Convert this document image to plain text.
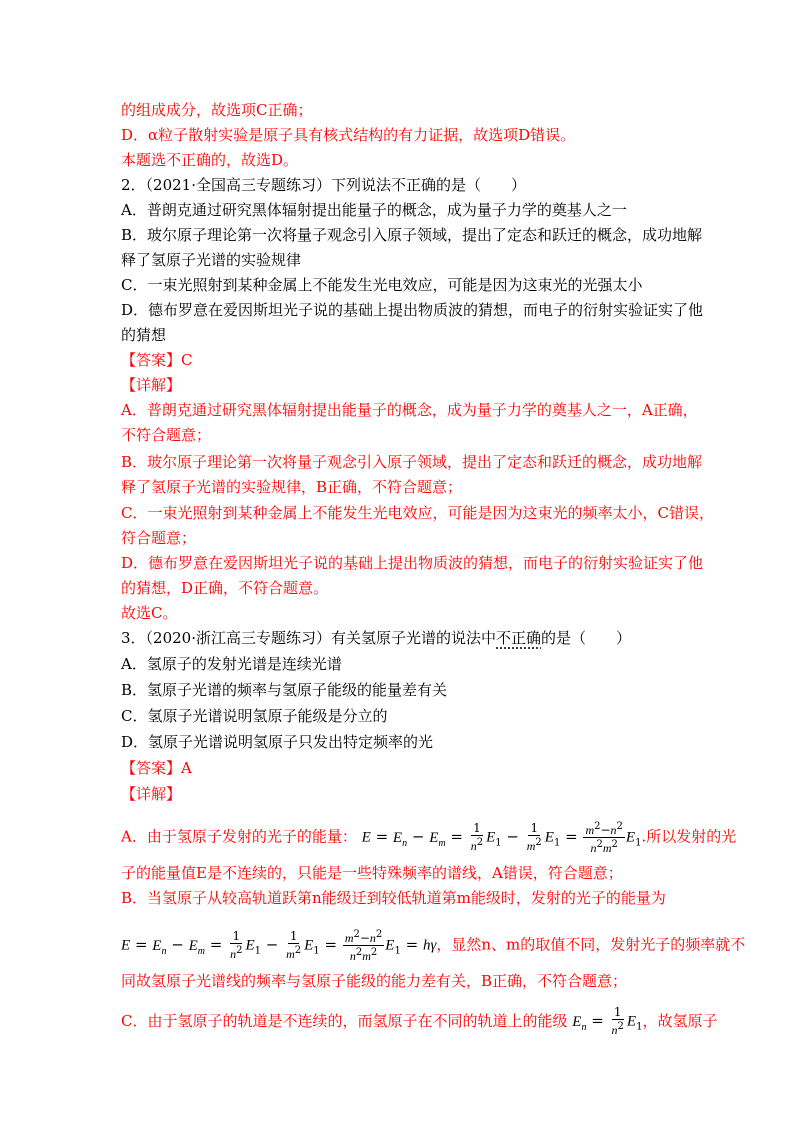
的组成成分，故选项C正确；
D．α粒子散射实验是原子具有核式结构的有力证据，故选项D错误。
本题选不正确的，故选D。
2．（2021·全国高三专题练习）下列说法不正确的是（　　）
A．普朗克通过研究黑体辐射提出能量子的概念，成为量子力学的奠基人之一
B．玻尔原子理论第一次将量子观念引入原子领域，提出了定态和跃迁的概念，成功地解
释了氢原子光谱的实验规律
C．一束光照射到某种金属上不能发生光电效应，可能是因为这束光的光强太小
D．德布罗意在爱因斯坦光子说的基础上提出物质波的猜想，而电子的衍射实验证实了他
的猜想
【答案】C
【详解】
A．普朗克通过研究黑体辐射提出能量子的概念，成为量子力学的奠基人之一，A正确，
不符合题意；
B．玻尔原子理论第一次将量子观念引入原子领域，提出了定态和跃迁的概念，成功地解
释了氢原子光谱的实验规律，B正确，不符合题意；
C．一束光照射到某种金属上不能发生光电效应，可能是因为这束光的频率太小，C错误，
符合题意；
D．德布罗意在爱因斯坦光子说的基础上提出物质波的猜想，而电子的衍射实验证实了他
的猜想，D正确，不符合题意。
故选C。
3．（2020·浙江高三专题练习）有关氢原子光谱的说法中不正确的是（　　）
A．氢原子的发射光谱是连续光谱
B．氢原子光谱的频率与氢原子能级的能量差有关
C．氢原子光谱说明氢原子能级是分立的
D．氢原子光谱说明氢原子只发出特定频率的光
【答案】A
【详解】
A．由于氢原子发射的光子的能量： $E = E_n - E_m = \frac{1}{n^2} E_1 - \frac{1}{m^2} E_1 = \frac{m^2-n^2}{n^2m^2} E_1$.所以发射的光
子的能量值E是不连续的，只能是一些特殊频率的谱线，A错误，符合题意；
B．当氢原子从较高轨道跃第n能级迁到较低轨道第m能级时，发射的光子的能量为
$E = E_n - E_m = \frac{1}{n^2} E_1 - \frac{1}{m^2} E_1 = \frac{m^2-n^2}{n^2m^2} E_1 = h\gamma$，显然n、m的取值不同，发射光子的频率就不
同故氢原子光谱线的频率与氢原子能级的能力差有关，B正确，不符合题意；
C．由于氢原子的轨道是不连续的，而氢原子在不同的轨道上的能级 $E_n = \frac{1}{n^2} E_1$，故氢原子
